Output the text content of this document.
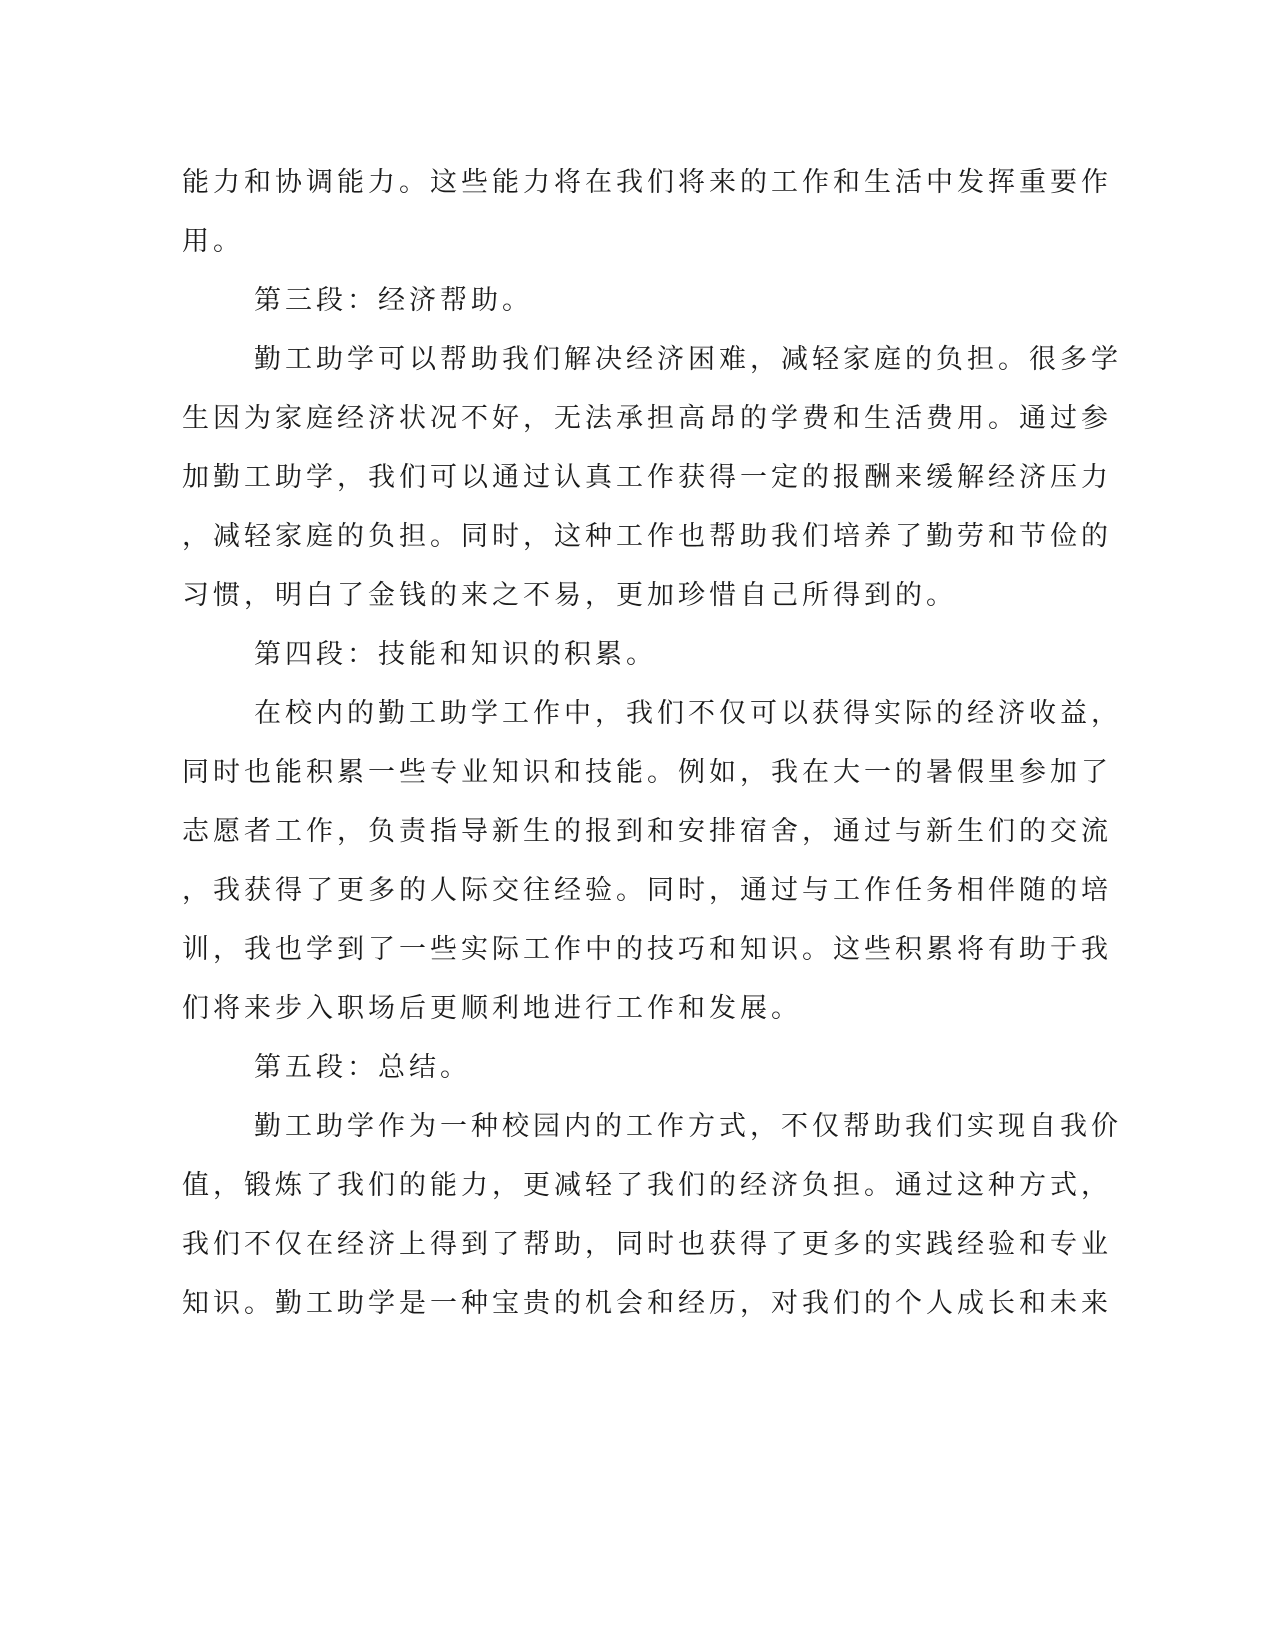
能力和协调能力。这些能力将在我们将来的工作和生活中发挥重要作
用。
第三段：经济帮助。
勤工助学可以帮助我们解决经济困难，减轻家庭的负担。很多学
生因为家庭经济状况不好，无法承担高昂的学费和生活费用。通过参
加勤工助学，我们可以通过认真工作获得一定的报酬来缓解经济压力
，减轻家庭的负担。同时，这种工作也帮助我们培养了勤劳和节俭的
习惯，明白了金钱的来之不易，更加珍惜自己所得到的。
第四段：技能和知识的积累。
在校内的勤工助学工作中，我们不仅可以获得实际的经济收益，
同时也能积累一些专业知识和技能。例如，我在大一的暑假里参加了
志愿者工作，负责指导新生的报到和安排宿舍，通过与新生们的交流
，我获得了更多的人际交往经验。同时，通过与工作任务相伴随的培
训，我也学到了一些实际工作中的技巧和知识。这些积累将有助于我
们将来步入职场后更顺利地进行工作和发展。
第五段：总结。
勤工助学作为一种校园内的工作方式，不仅帮助我们实现自我价
值，锻炼了我们的能力，更减轻了我们的经济负担。通过这种方式，
我们不仅在经济上得到了帮助，同时也获得了更多的实践经验和专业
知识。勤工助学是一种宝贵的机会和经历，对我们的个人成长和未来
